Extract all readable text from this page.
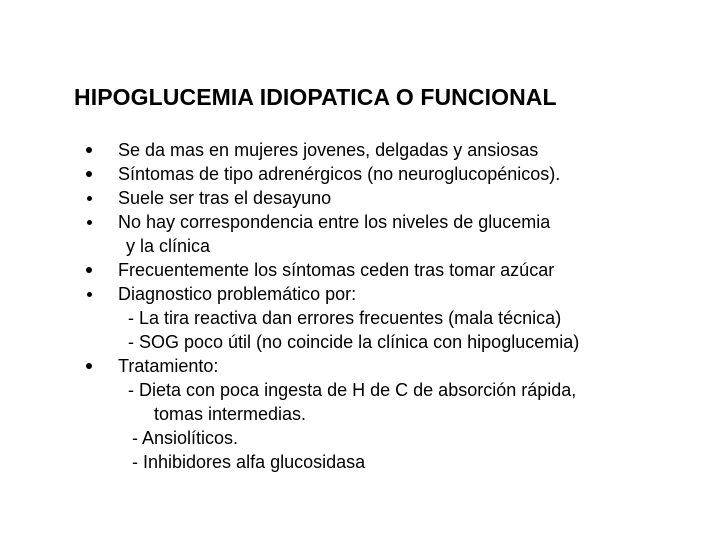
HIPOGLUCEMIA IDIOPATICA O FUNCIONAL
Se da mas en mujeres jovenes, delgadas y ansiosas
Síntomas de tipo adrenérgicos (no neuroglucopénicos).
Suele ser tras el desayuno
No hay correspondencia entre los niveles de glucemia
y la clínica
Frecuentemente los síntomas ceden tras tomar azúcar
Diagnostico problemático por:
- La tira reactiva dan errores frecuentes (mala técnica)
- SOG poco útil (no coincide la clínica con hipoglucemia)
Tratamiento:
- Dieta con poca ingesta de H de C de absorción rápida,
tomas intermedias.
- Ansiolíticos.
- Inhibidores alfa glucosidasa
